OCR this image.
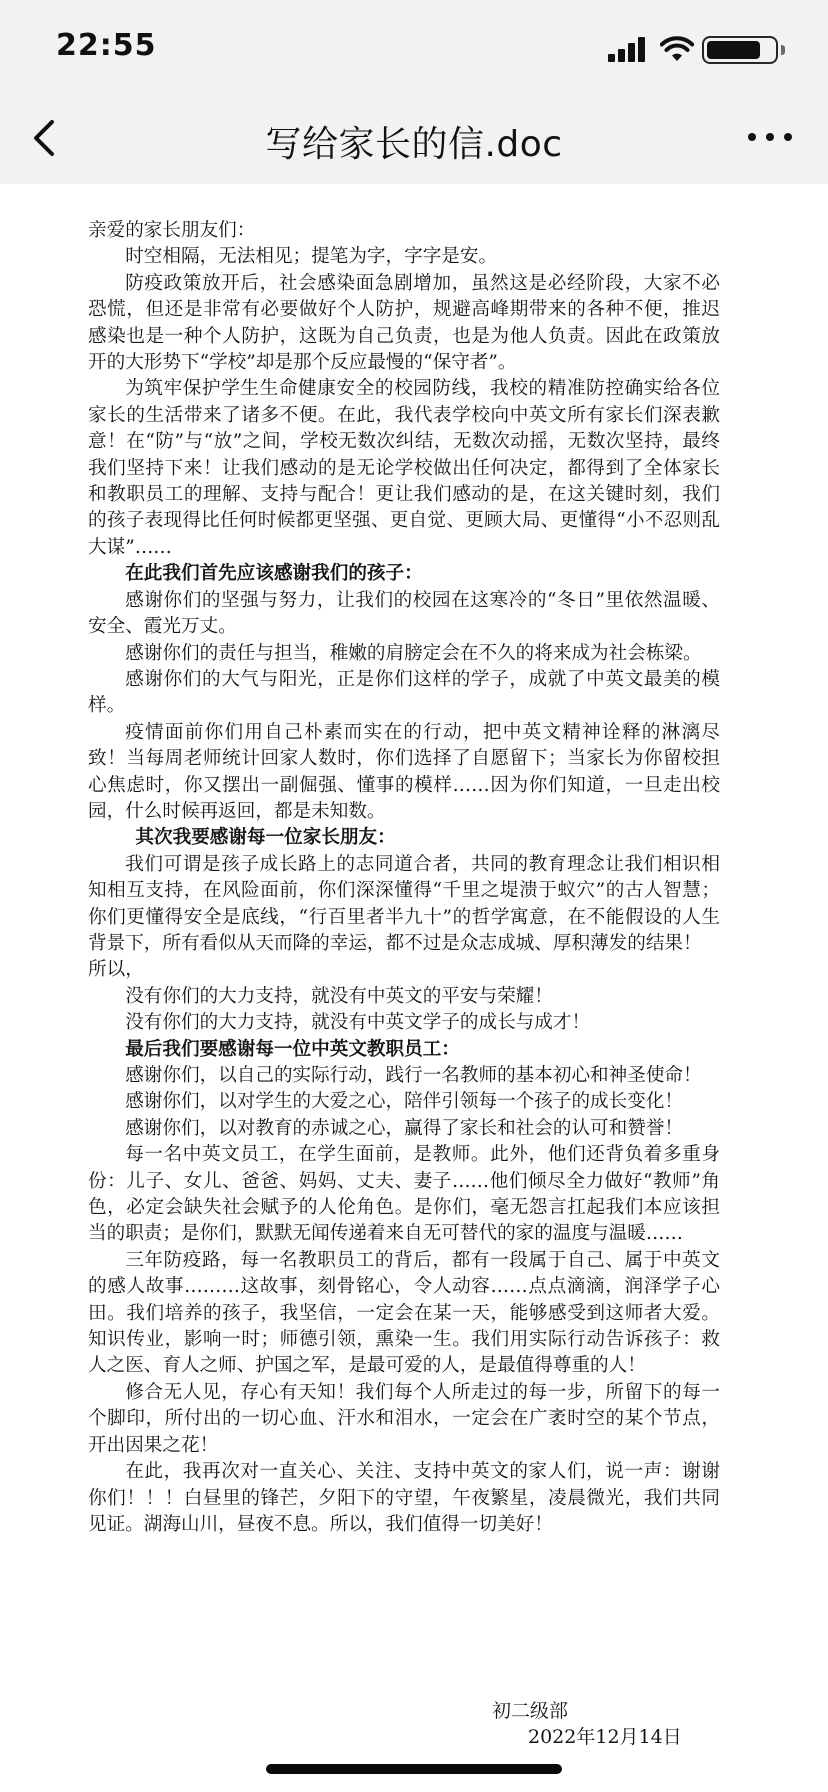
22:55
写给家长的信.doc

亲爱的家长朋友们：

时空相隔，无法相见；提笔为字，字字是安。

防疫政策放开后，社会感染面急剧增加，虽然这是必经阶段，大家不必恐慌，但还是非常有必要做好个人防护，规避高峰期带来的各种不便，推迟感染也是一种个人防护，这既为自己负责，也是为他人负责。因此在政策放开的大形势下“学校”却是那个反应最慢的“保守者”。

为筑牢保护学生生命健康安全的校园防线，我校的精准防控确实给各位家长的生活带来了诸多不便。在此，我代表学校向中英文所有家长们深表歉意！在“防”与“放”之间，学校无数次纠结，无数次动摇，无数次坚持，最终我们坚持下来！让我们感动的是无论学校做出任何决定，都得到了全体家长和教职员工的理解、支持与配合！更让我们感动的是，在这关键时刻，我们的孩子表现得比任何时候都更坚强、更自觉、更顾大局、更懂得“小不忍则乱大谋”……

在此我们首先应该感谢我们的孩子：

感谢你们的坚强与努力，让我们的校园在这寒冷的“冬日”里依然温暖、安全、霞光万丈。

感谢你们的责任与担当，稚嫩的肩膀定会在不久的将来成为社会栋梁。

感谢你们的大气与阳光，正是你们这样的学子，成就了中英文最美的模样。

疫情面前你们用自己朴素而实在的行动，把中英文精神诠释的淋漓尽致！当每周老师统计回家人数时，你们选择了自愿留下；当家长为你留校担心焦虑时，你又摆出一副倔强、懂事的模样……因为你们知道，一旦走出校园，什么时候再返回，都是未知数。

其次我要感谢每一位家长朋友：

我们可谓是孩子成长路上的志同道合者，共同的教育理念让我们相识相知相互支持，在风险面前，你们深深懂得“千里之堤溃于蚁穴”的古人智慧；你们更懂得安全是底线，“行百里者半九十”的哲学寓意，在不能假设的人生背景下，所有看似从天而降的幸运，都不过是众志成城、厚积薄发的结果！

所以，

没有你们的大力支持，就没有中英文的平安与荣耀！

没有你们的大力支持，就没有中英文学子的成长与成才！

最后我们要感谢每一位中英文教职员工：

感谢你们，以自己的实际行动，践行一名教师的基本初心和神圣使命！

感谢你们，以对学生的大爱之心，陪伴引领每一个孩子的成长变化！

感谢你们，以对教育的赤诚之心，赢得了家长和社会的认可和赞誉！

每一名中英文员工，在学生面前，是教师。此外，他们还背负着多重身份：儿子、女儿、爸爸、妈妈、丈夫、妻子……他们倾尽全力做好“教师”角色，必定会缺失社会赋予的人伦角色。是你们，毫无怨言扛起我们本应该担当的职责；是你们，默默无闻传递着来自无可替代的家的温度与温暖……

三年防疫路，每一名教职员工的背后，都有一段属于自己、属于中英文的感人故事………这故事，刻骨铭心，令人动容……点点滴滴，润泽学子心田。我们培养的孩子，我坚信，一定会在某一天，能够感受到这师者大爱。知识传业，影响一时；师德引领，熏染一生。我们用实际行动告诉孩子：救人之医、育人之师、护国之军，是最可爱的人，是最值得尊重的人！

修合无人见，存心有天知！我们每个人所走过的每一步，所留下的每一个脚印，所付出的一切心血、汗水和泪水，一定会在广袤时空的某个节点，开出因果之花！

在此，我再次对一直关心、关注、支持中英文的家人们，说一声：谢谢你们！！！白昼里的锋芒，夕阳下的守望，午夜繁星，凌晨微光，我们共同见证。湖海山川，昼夜不息。所以，我们值得一切美好！

初二级部
2022年12月14日
